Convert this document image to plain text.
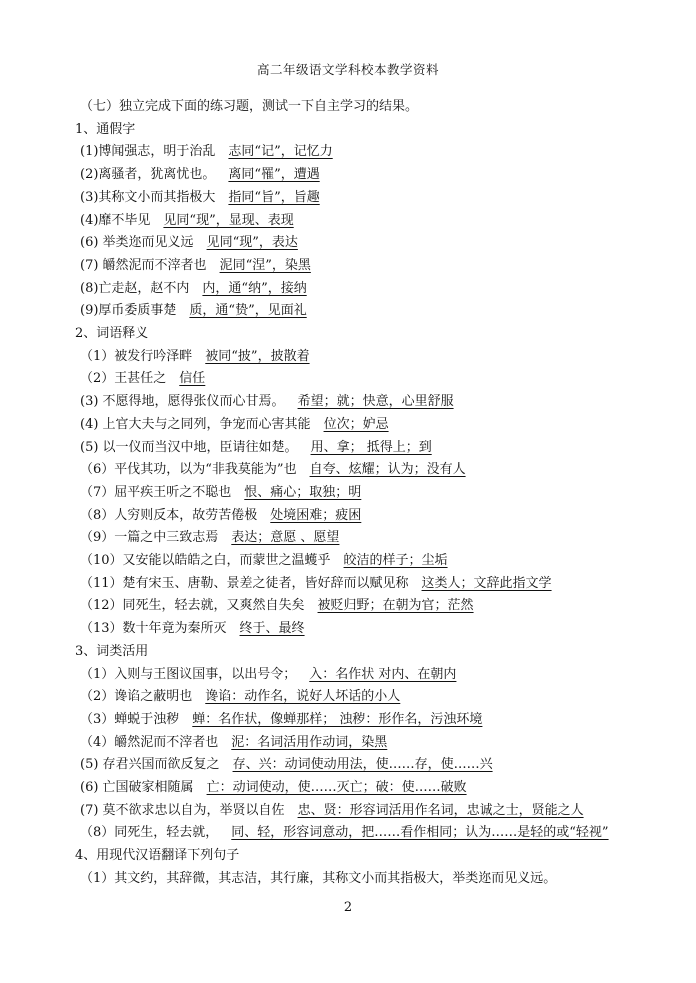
高二年级语文学科校本教学资料
（七）独立完成下面的练习题，测试一下自主学习的结果。
1、通假字
(1)博闻强志，明于治乱  志同“记”，记忆力
(2)离骚者，犹离忧也。  离同“罹”，遭遇
(3)其称文小而其指极大  指同“旨”，旨趣
(4)靡不毕见  见同“现”，显现、表现
(6) 举类迩而见义远  见同“现”，表达
(7) 皭然泥而不滓者也  泥同“涅”，染黑
(8)亡走赵，赵不内  内，通“纳”，接纳
(9)厚币委质事楚  质，通“贽”，见面礼
2、词语释义
（1）被发行吟泽畔  被同“披”，披散着
（2）王甚任之  信任
(3) 不愿得地，愿得张仪而心甘焉。  希望；就；快意，心里舒服
(4) 上官大夫与之同列，争宠而心害其能  位次；妒忌
(5) 以一仪而当汉中地，臣请往如楚。  用、拿； 抵得上；到
（6）平伐其功，以为“非我莫能为”也  自夸、炫耀；认为；没有人
（7）屈平疾王听之不聪也  恨、痛心；取独；明
（8）人穷则反本，故劳苦倦极  处境困难；疲困
（9）一篇之中三致志焉  表达；意愿 、愿望
（10）又安能以皓皓之白，而蒙世之温蠖乎  皎洁的样子；尘垢
（11）楚有宋玉、唐勒、景差之徒者，皆好辞而以赋见称  这类人；文辞此指文学
（12）同死生，轻去就，又爽然自失矣  被贬归野；在朝为官；茫然
（13）数十年竟为秦所灭  终于、最终
3、词类活用
（1）入则与王图议国事，以出号令；  入：名作状 对内、在朝内
（2）谗谄之蔽明也  谗谄：动作名，说好人坏话的小人
（3）蝉蜕于浊秽  蝉：名作状，像蝉那样； 浊秽：形作名，污浊环境
（4）皭然泥而不滓者也  泥：名词活用作动词，染黑
(5) 存君兴国而欲反复之  存、兴：动词使动用法，使……存，使……兴
(6) 亡国破家相随属  亡：动词使动，使……灭亡；破：使……破败
(7) 莫不欲求忠以自为，举贤以自佐  忠、贤：形容词活用作名词，忠诚之士，贤能之人
（8）同死生，轻去就，  同、轻，形容词意动，把……看作相同；认为……是轻的或“轻视”
4、用现代汉语翻译下列句子
（1）其文约，其辞微，其志洁，其行廉，其称文小而其指极大，举类迩而见义远。
2
